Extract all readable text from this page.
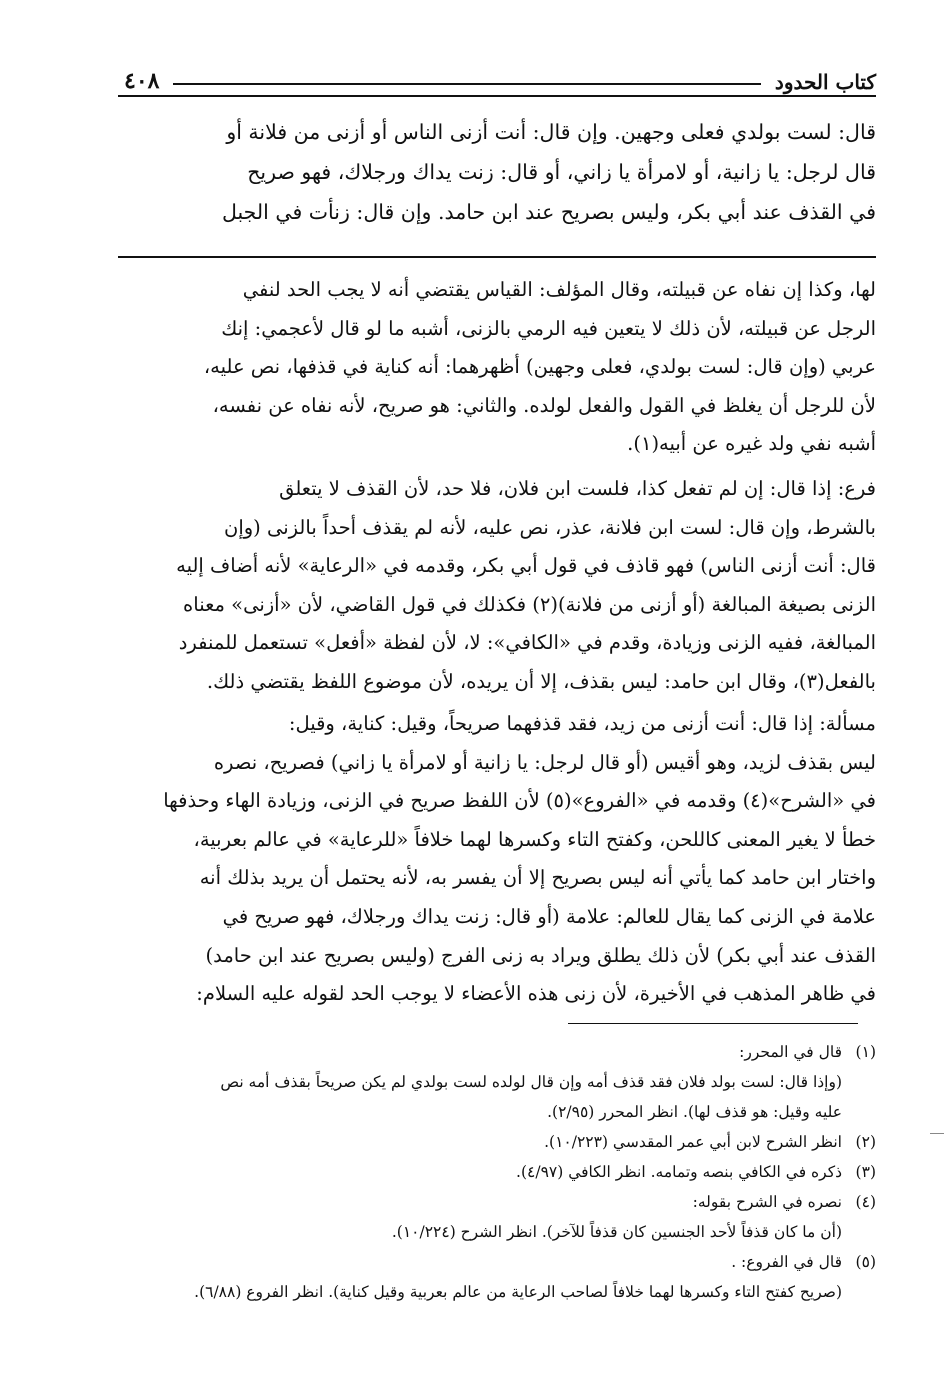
كتاب الحدود
٤٠٨
قال: لست بولدي فعلى وجهين. وإن قال: أنت أزنى الناس أو أزنى من فلانة أو
قال لرجل: يا زانية، أو لامرأة يا زاني، أو قال: زنت يداك ورجلاك، فهو صريح
في القذف عند أبي بكر، وليس بصريح عند ابن حامد. وإن قال: زنأت في الجبل
لها، وكذا إن نفاه عن قبيلته، وقال المؤلف: القياس يقتضي أنه لا يجب الحد لنفي
الرجل عن قبيلته، لأن ذلك لا يتعين فيه الرمي بالزنى، أشبه ما لو قال لأعجمي: إنك
عربي (وإن قال: لست بولدي، فعلى وجهين) أظهرهما: أنه كناية في قذفها، نص عليه،
لأن للرجل أن يغلظ في القول والفعل لولده. والثاني: هو صريح، لأنه نفاه عن نفسه،
أشبه نفي ولد غيره عن أبيه(١).
فرع: إذا قال: إن لم تفعل كذا، فلست ابن فلان، فلا حد، لأن القذف لا يتعلق
بالشرط، وإن قال: لست ابن فلانة، عذر، نص عليه، لأنه لم يقذف أحداً بالزنى (وإن
قال: أنت أزنى الناس) فهو قاذف في قول أبي بكر، وقدمه في «الرعاية» لأنه أضاف إليه
الزنى بصيغة المبالغة (أو أزنى من فلانة)(٢) فكذلك في قول القاضي، لأن «أزنى» معناه
المبالغة، ففيه الزنى وزيادة، وقدم في «الكافي»: لا، لأن لفظة «أفعل» تستعمل للمنفرد
بالفعل(٣)، وقال ابن حامد: ليس بقذف، إلا أن يريده، لأن موضوع اللفظ يقتضي ذلك.
مسألة: إذا قال: أنت أزنى من زيد، فقد قذفهما صريحاً، وقيل: كناية، وقيل:
ليس بقذف لزيد، وهو أقيس (أو قال لرجل: يا زانية أو لامرأة يا زاني) فصريح، نصره
في «الشرح»(٤) وقدمه في «الفروع»(٥) لأن اللفظ صريح في الزنى، وزيادة الهاء وحذفها
خطأ لا يغير المعنى كاللحن، وكفتح التاء وكسرها لهما خلافاً «للرعاية» في عالم بعربية،
واختار ابن حامد كما يأتي أنه ليس بصريح إلا أن يفسر به، لأنه يحتمل أن يريد بذلك أنه
علامة في الزنى كما يقال للعالم: علامة (أو قال: زنت يداك ورجلاك، فهو صريح في
القذف عند أبي بكر) لأن ذلك يطلق ويراد به زنى الفرج (وليس بصريح عند ابن حامد)
في ظاهر المذهب في الأخيرة، لأن زنى هذه الأعضاء لا يوجب الحد لقوله عليه السلام:
(١)قال في المحرر:
(وإذا قال: لست بولد فلان فقد قذف أمه وإن قال لولده لست بولدي لم يكن صريحاً بقذف أمه نص
عليه وقيل: هو قذف لها). انظر المحرر (٢/٩٥).
(٢)انظر الشرح لابن أبي عمر المقدسي (١٠/٢٢٣).
(٣)ذكره في الكافي بنصه وتمامه. انظر الكافي (٤/٩٧).
(٤)نصره في الشرح بقوله:
(أن ما كان قذفاً لأحد الجنسين كان قذفاً للآخر). انظر الشرح (١٠/٢٢٤).
(٥)قال في الفروع: .
(صريح كفتح التاء وكسرها لهما خلافاً لصاحب الرعاية من عالم بعربية وقيل كناية). انظر الفروع (٦/٨٨).
